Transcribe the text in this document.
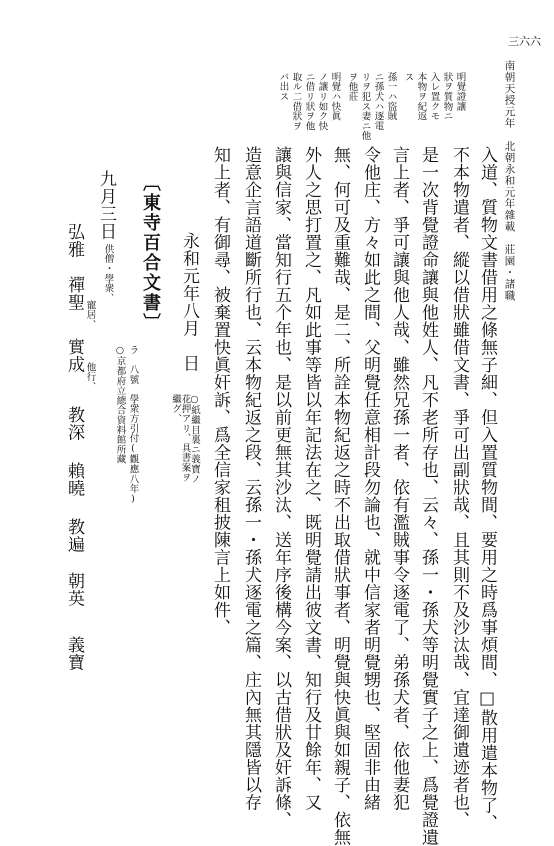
三六六
南朝天授元年　北朝永和元年雜載　莊園・諸職
明覺證讓
狀ヲ質物ニ
入レ置クモ
本物ヲ紀返
ス
孫一ハ盜賊
ニ孫犬ハ逐電
リヲ犯ス妻ニ他
ヲ他莊
明覺ハ快眞
ノ讓リ如ク快
ニ借リ狀ヲ他
取ル二借狀ヲ
バ出ス
入道、質物文書借用之條無子細、但入置質物間、要用之時爲事煩間、□散用遣本物了、
不本物遣者、縱以借狀雖借文書、爭可出副狀哉、且其則不及沙汰哉、宜達御遺迹者也、
是一次背覺證命讓與他姓人、凡不老所存也、云々、孫一・孫犬等明覺實子之上、爲覺證遺
言上者、爭可讓與他人哉、雖然兄孫一者、依有濫賊事令逐電了、弟孫犬者、依他妻犯
令他庄、方々如此之間、父明覺任意相計段勿論也、就中信家者明覺甥也、堅固非由緒
無、何可及重難哉、是二、所詮本物紀返之時不出取借狀事者、明覺與快眞與如親子、依無
外人之思打置之、凡如此事等皆以年記法在之、既明覺請出彼文書、知行及廿餘年、又
讓與信家、當知行五个年也、是以前更無其沙汰、送年序後構今案、以古借狀及奸訴條、
造意企言語道斷所行也、云本物紀返之段、云孫一・孫犬逐電之篇、庄內無其隱皆以存
知上者、有御尋、被棄置快眞奸訴、爲全信家租披陳言上如件、
永和元年八月　日
○紙繼目裏ニ義寶ノ花押アリ、具書案ヲ繼グ、
〔東寺百合文書〕
ラ　八號　學衆方引付(觀應八年)
○京都府立總合資料館所藏
九月三日
供僧・學衆、
弘雅
禪聖
寵居、
實成
他行、
教深
賴曉
教遍
朝英
義寶
